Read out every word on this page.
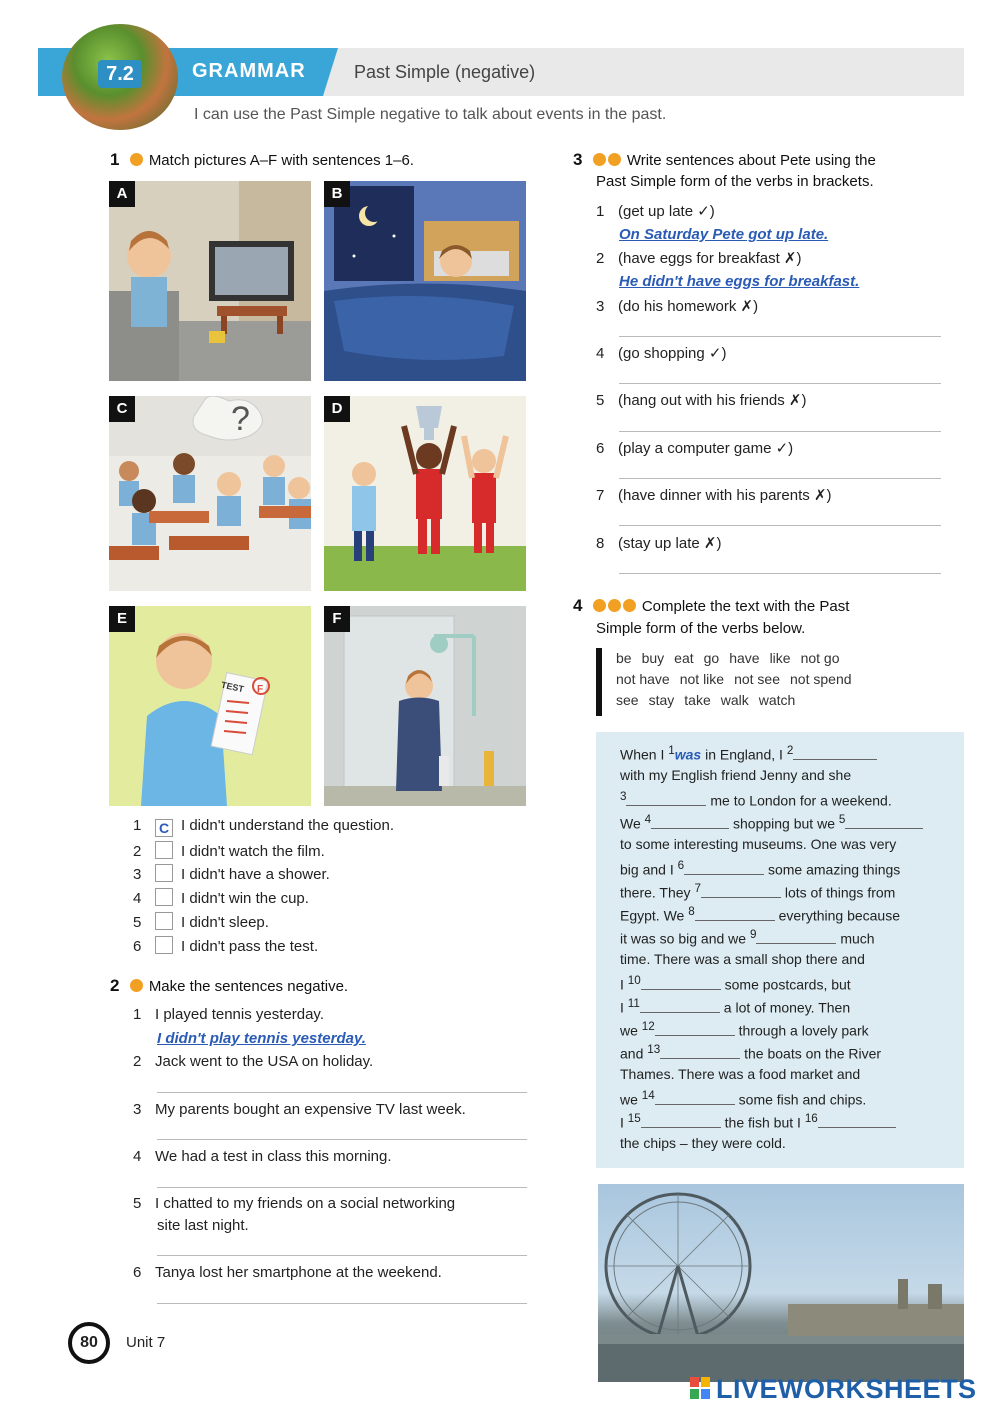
7.2	GRAMMAR	Past Simple (negative)
I can use the Past Simple negative to talk about events in the past.
1 Match pictures A–F with sentences 1–6.
A	B
?
C	D
TEST F
E	F
1 C I didn't understand the question.
2	I didn't watch the film.
3	I didn't have a shower.
4	I didn't win the cup.
5	I didn't sleep.
6	I didn't pass the test.
2 Make the sentences negative.
1 I played tennis yesterday.
I didn't play tennis yesterday.
2 Jack went to the USA on holiday.
3 My parents bought an expensive TV last week.
4 We had a test in class this morning.
5 I chatted to my friends on a social networking
site last night.
6 Tanya lost her smartphone at the weekend.
3	Write sentences about Pete using the
Past Simple form of the verbs in brackets.
1 (get up late ✓)
On Saturday Pete got up late.
2 (have eggs for breakfast ✗)
He didn't have eggs for breakfast.
3 (do his homework ✗)
4 (go shopping ✓)
5 (hang out with his friends ✗)
6 (play a computer game ✓)
7 (have dinner with his parents ✗)
8 (stay up late ✗)
4	Complete the text with the Past
Simple form of the verbs below.
be buy eat go have like not go
not have not like not see not spend
see stay take walk watch
When I $^1$was in England, I $^2$
with my English friend Jenny and she
$^3$	me to London for a weekend.
We $^4$	shopping but we $^5$
to some interesting museums. One was very
big and I $^6$	some amazing things
there. They $^7$	lots of things from
Egypt. We $^8$	everything because
it was so big and we $^9$	much
time. There was a small shop there and
I $^{10}$	some postcards, but
I $^{11}$	a lot of money. Then
we $^{12}$	through a lovely park
and $^{13}$	the boats on the River
Thames. There was a food market and
we $^{14}$	some fish and chips.
I $^{15}$	the fish but I $^{16}$
the chips – they were cold.
80	Unit 7
LIVEWORKSHEETS
